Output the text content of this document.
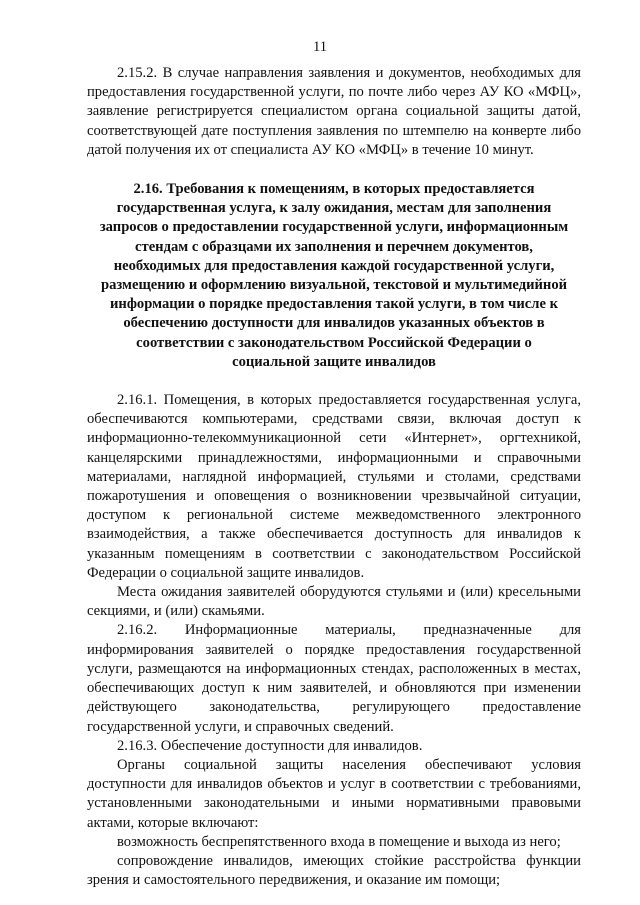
11

2.15.2. В случае направления заявления и документов, необходимых для предоставления государственной услуги, по почте либо через АУ КО «МФЦ», заявление регистрируется специалистом органа социальной защиты датой, соответствующей дате поступления заявления по штемпелю на конверте либо датой получения их от специалиста АУ КО «МФЦ» в течение 10 минут.

2.16. Требования к помещениям, в которых предоставляется
государственная услуга, к залу ожидания, местам для заполнения
запросов о предоставлении государственной услуги, информационным
стендам с образцами их заполнения и перечнем документов,
необходимых для предоставления каждой государственной услуги,
размещению и оформлению визуальной, текстовой и мультимедийной
информации о порядке предоставления такой услуги, в том числе к
обеспечению доступности для инвалидов указанных объектов в
соответствии с законодательством Российской Федерации о
социальной защите инвалидов

2.16.1. Помещения, в которых предоставляется государственная услуга, обеспечиваются компьютерами, средствами связи, включая доступ к информационно-телекоммуникационной сети «Интернет», оргтехникой, канцелярскими принадлежностями, информационными и справочными материалами, наглядной информацией, стульями и столами, средствами пожаротушения и оповещения о возникновении чрезвычайной ситуации, доступом к региональной системе межведомственного электронного взаимодействия, а также обеспечивается доступность для инвалидов к указанным помещениям в соответствии с законодательством Российской Федерации о социальной защите инвалидов.

Места ожидания заявителей оборудуются стульями и (или) кресельными секциями, и (или) скамьями.

2.16.2. Информационные материалы, предназначенные для информирования заявителей о порядке предоставления государственной услуги, размещаются на информационных стендах, расположенных в местах, обеспечивающих доступ к ним заявителей, и обновляются при изменении действующего законодательства, регулирующего предоставление государственной услуги, и справочных сведений.

2.16.3. Обеспечение доступности для инвалидов.

Органы социальной защиты населения обеспечивают условия доступности для инвалидов объектов и услуг в соответствии с требованиями, установленными законодательными и иными нормативными правовыми актами, которые включают:

возможность беспрепятственного входа в помещение и выхода из него;

сопровождение инвалидов, имеющих стойкие расстройства функции зрения и самостоятельного передвижения, и оказание им помощи;
